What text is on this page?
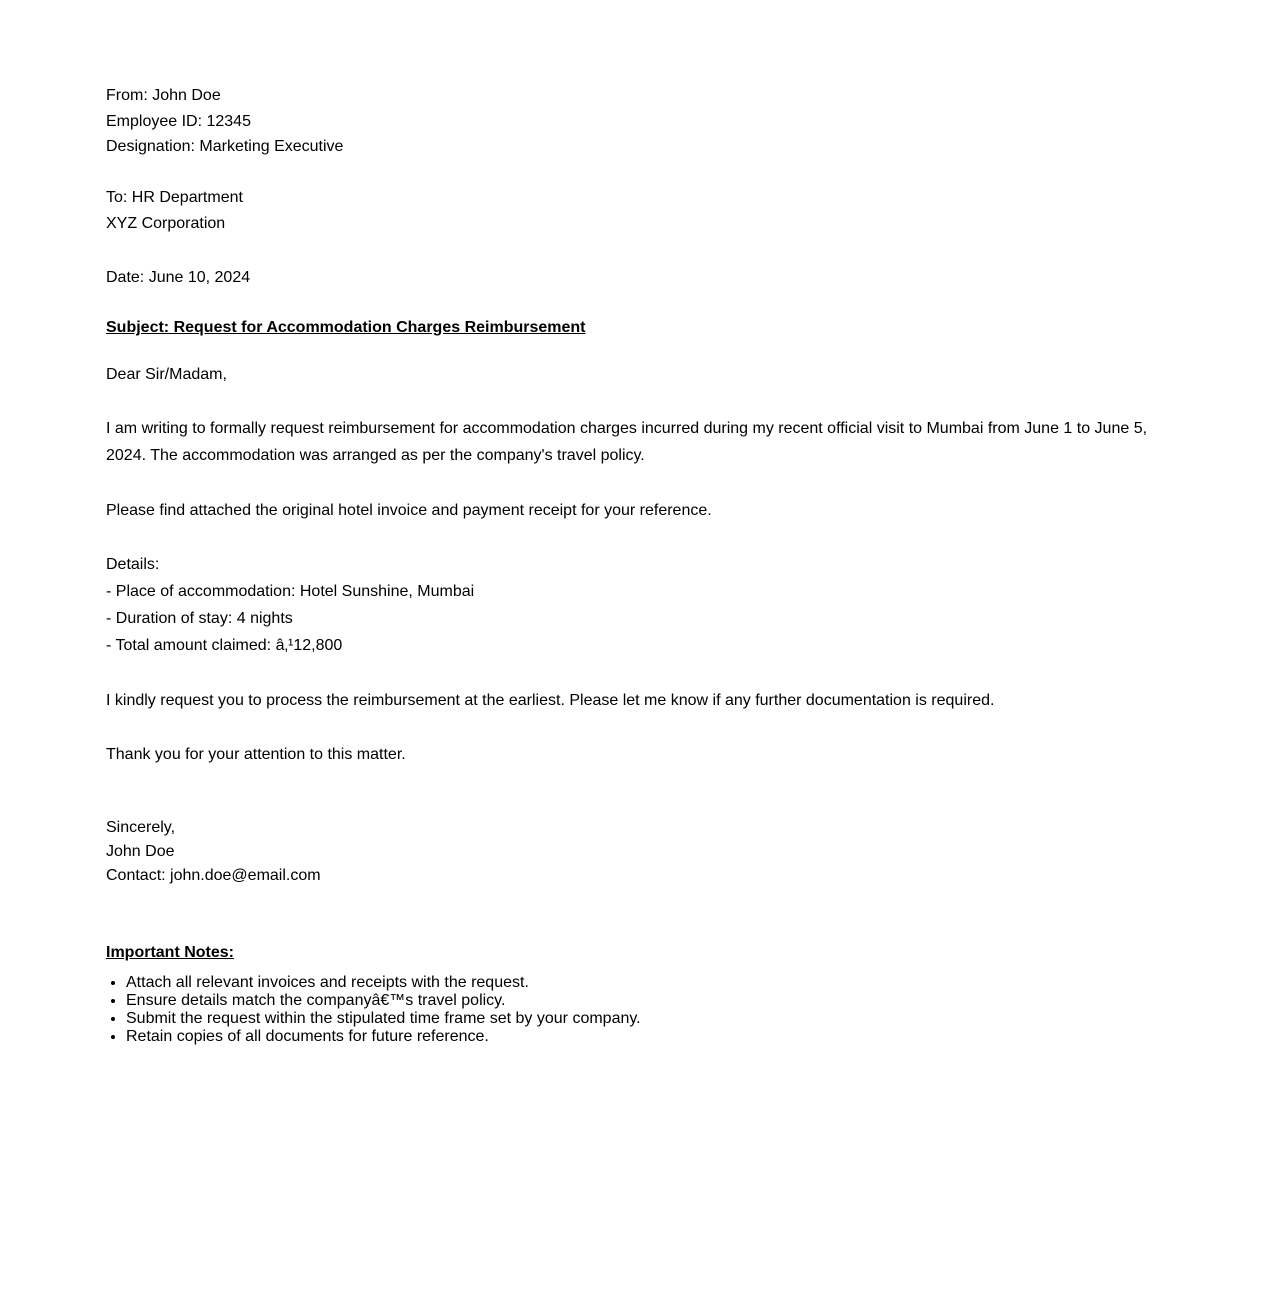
From: John Doe
Employee ID: 12345
Designation: Marketing Executive
To: HR Department
XYZ Corporation
Date: June 10, 2024
Subject: Request for Accommodation Charges Reimbursement
Dear Sir/Madam,
I am writing to formally request reimbursement for accommodation charges incurred during my recent official visit to Mumbai from June 1 to June 5, 2024. The accommodation was arranged as per the company's travel policy.
Please find attached the original hotel invoice and payment receipt for your reference.
Details:
- Place of accommodation: Hotel Sunshine, Mumbai
- Duration of stay: 4 nights
- Total amount claimed: â‚¹12,800
I kindly request you to process the reimbursement at the earliest. Please let me know if any further documentation is required.
Thank you for your attention to this matter.
Sincerely,
John Doe
Contact: john.doe@email.com
Important Notes:
• Attach all relevant invoices and receipts with the request.
• Ensure details match the companyâ€™s travel policy.
• Submit the request within the stipulated time frame set by your company.
• Retain copies of all documents for future reference.
